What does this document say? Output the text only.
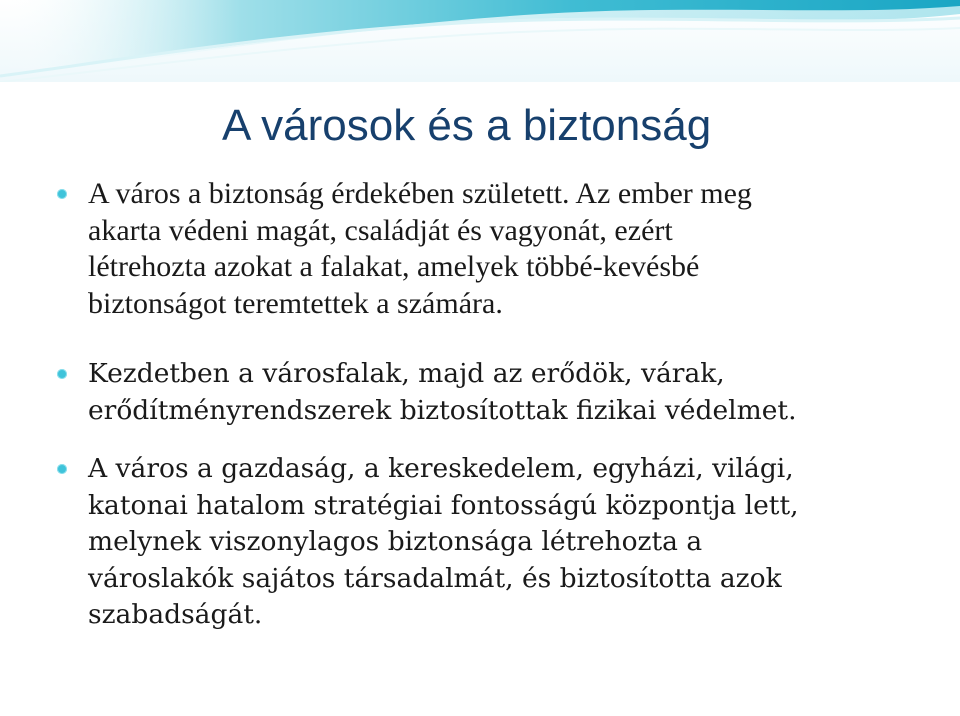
A városok és a biztonság
A város a biztonság érdekében született. Az ember meg
akarta védeni magát, családját és vagyonát, ezért
létrehozta azokat a falakat, amelyek többé-kevésbé
biztonságot teremtettek a számára.
Kezdetben a városfalak, majd az erődök, várak,
erődítményrendszerek biztosítottak fizikai védelmet.
A város a gazdaság, a kereskedelem, egyházi, világi,
katonai hatalom stratégiai fontosságú központja lett,
melynek viszonylagos biztonsága létrehozta a
városlakók sajátos társadalmát, és biztosította azok
szabadságát.
